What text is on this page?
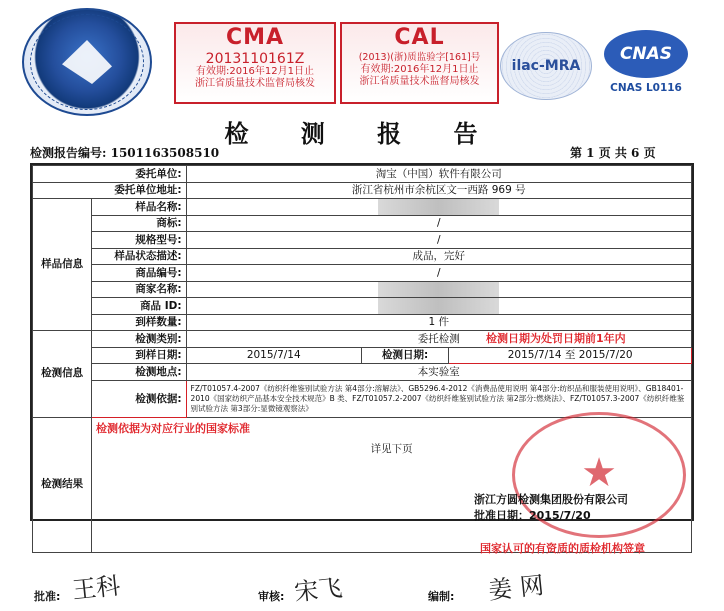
CMA
2013110161Z
有效期:2016年12月1日止
浙江省质量技术监督局核发
CAL
(2013)(浙)质监验字[161]号
有效期:2016年12月1日止
浙江省质量技术监督局核发
ilac-MRA
CNAS
CNAS L0116
检 测 报 告
检测报告编号: 1501163508510	第 1 页 共 6 页
委托单位:		淘宝（中国）软件有限公司		
委托单位地址:		浙江省杭州市余杭区文一西路 969 号		
样品信息	样品名称:			
	商标:	/		
	规格型号:	/		
	样品状态描述:	成品，完好		
	商品编号:	/		
	商家名称:			
	商品 ID:			
	到样数量:	1 件		
检测信息	检测类别:	委托检测		
	到样日期:	2015/7/14	检测日期:	2015/7/14 至 2015/7/20
	检测地点:	本实验室		
	检测依据:	FZ/T01057.4-2007《纺织纤维鉴别试验方法 第4部分:溶解法》、GB5296.4-2012《消费品使用说明 第4部分:纺织品和服装使用说明》、GB18401-2010《国家纺织产品基本安全技术规范》B 类、FZ/T01057.2-2007《纺织纤维鉴别试验方法 第2部分:燃烧法》、FZ/T01057.3-2007《纺织纤维鉴别试验方法 第3部分:显微镜观察法》		
检测结果	详见下页			
检测日期为处罚日期前1年内
检测依据为对应行业的国家标准
★
浙江方圆检测集团股份有限公司
批准日期：2015/7/20
国家认可的有资质的质检机构签章
批准: 王科	审核: 宋飞	编制: 姜 网
